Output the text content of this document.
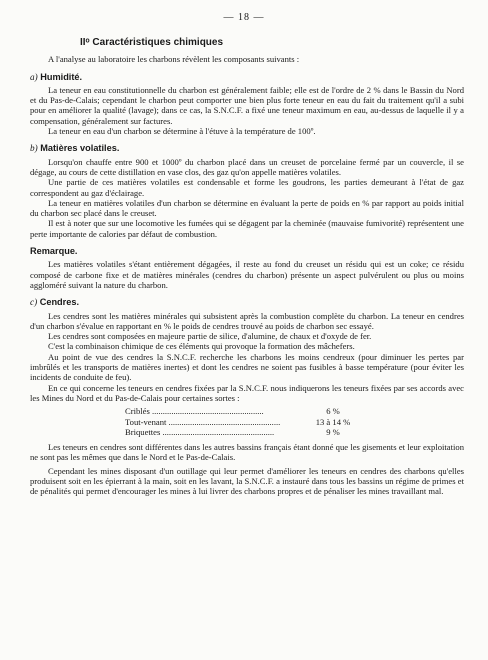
— 18 —
IIᵒ Caractéristiques chimiques

A l'analyse au laboratoire les charbons révèlent les composants suivants :

a) Humidité.

La teneur en eau constitutionnelle du charbon est généralement faible; elle est de l'ordre de 2 % dans le Bassin du Nord et du Pas-de-Calais; cependant le charbon peut comporter une bien plus forte teneur en eau du fait du traitement qu'il a subi pour en améliorer la qualité (lavage); dans ce cas, la S.N.C.F. a fixé une teneur maximum en eau, au-dessus de laquelle il y a compensation, généralement sur factures.

La teneur en eau d'un charbon se détermine à l'étuve à la température de 100º.

b) Matières volatiles.

Lorsqu'on chauffe entre 900 et 1000º du charbon placé dans un creuset de porcelaine fermé par un couvercle, il se dégage, au cours de cette distillation en vase clos, des gaz qu'on appelle matières volatiles.

Une partie de ces matières volatiles est condensable et forme les goudrons, les parties demeurant à l'état de gaz correspondent au gaz d'éclairage.

La teneur en matières volatiles d'un charbon se détermine en évaluant la perte de poids en % par rapport au poids initial du charbon sec placé dans le creuset.

Il est à noter que sur une locomotive les fumées qui se dégagent par la cheminée (mauvaise fumivorité) représentent une perte importante de calories par défaut de combustion.

Remarque.

Les matières volatiles s'étant entièrement dégagées, il reste au fond du creuset un résidu qui est un coke; ce résidu composé de carbone fixe et de matières minérales (cendres du charbon) présente un aspect pulvérulent ou plus ou moins aggloméré suivant la nature du charbon.

c) Cendres.

Les cendres sont les matières minérales qui subsistent après la combustion complète du charbon. La teneur en cendres d'un charbon s'évalue en rapportant en % le poids de cendres trouvé au poids de charbon sec essayé.

Les cendres sont composées en majeure partie de silice, d'alumine, de chaux et d'oxyde de fer.

C'est la combinaison chimique de ces éléments qui provoque la formation des mâchefers.

Au point de vue des cendres la S.N.C.F. recherche les charbons les moins cendreux (pour diminuer les pertes par imbrûlés et les transports de matières inertes) et dont les cendres ne soient pas fusibles à basse température (pour éviter les incidents de conduite de feu).

En ce qui concerne les teneurs en cendres fixées par la S.N.C.F. nous indiquerons les teneurs fixées par ses accords avec les Mines du Nord et du Pas-de-Calais pour certaines sortes :

Criblés ....................................................	6 %
Tout-venant ....................................................	13 à 14 %
Briquettes ....................................................	9 %

Les teneurs en cendres sont différentes dans les autres bassins français étant donné que les gisements et leur exploitation ne sont pas les mêmes que dans le Nord et le Pas-de-Calais.

Cependant les mines disposant d'un outillage qui leur permet d'améliorer les teneurs en cendres des charbons qu'elles produisent soit en les épierrant à la main, soit en les lavant, la S.N.C.F. a instauré dans tous les bassins un régime de primes et de pénalités qui permet d'encourager les mines à lui livrer des charbons propres et de pénaliser les mines travaillant mal.
